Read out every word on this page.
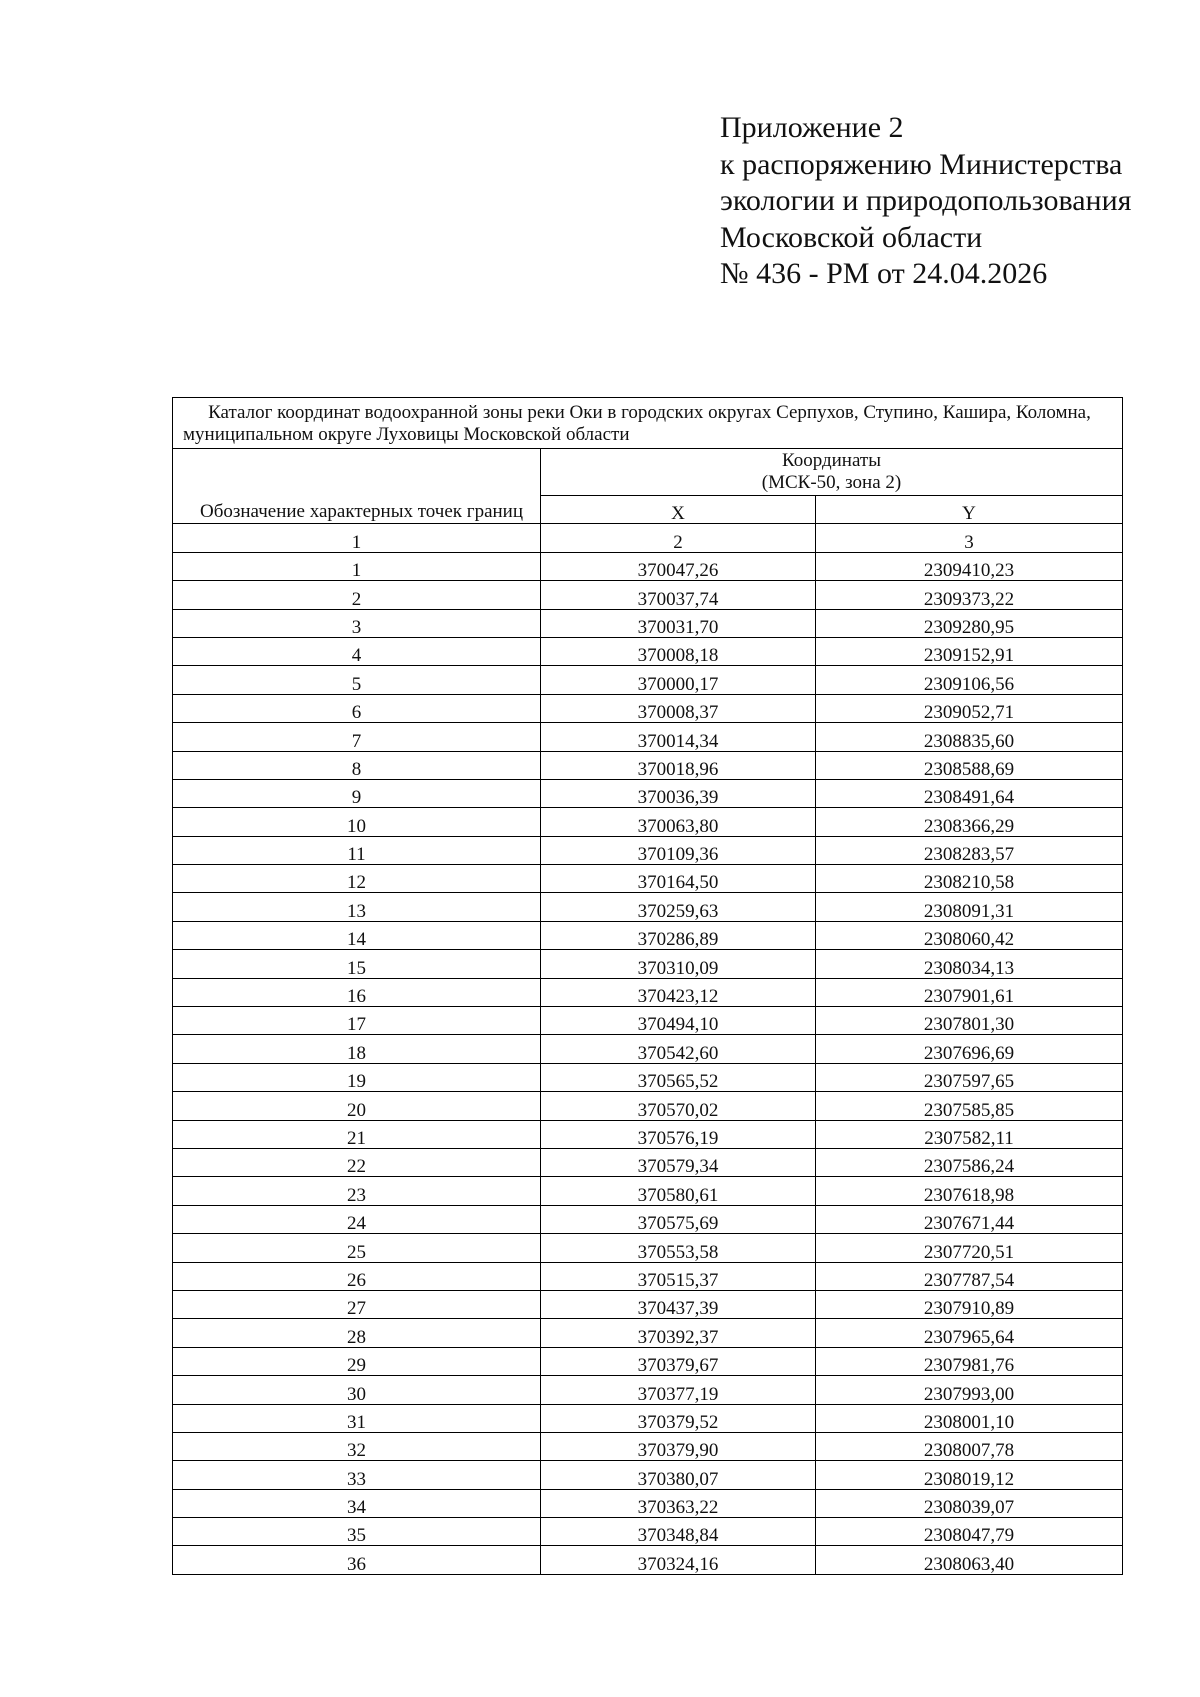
Приложение 2
к распоряжению Министерства
экологии и природопользования
Московской области
№ 436 - РМ от 24.04.2026
Каталог координат водоохранной зоны реки Оки в городских округах Серпухов, Ступино, Кашира, Коломна, муниципальном округе Луховицы Московской области		
Обозначение характерных точек границ	Координаты
(МСК-50, зона 2)	

	X	Y
1	2	3
1	370047,26	2309410,23
2	370037,74	2309373,22
3	370031,70	2309280,95
4	370008,18	2309152,91
5	370000,17	2309106,56
6	370008,37	2309052,71
7	370014,34	2308835,60
8	370018,96	2308588,69
9	370036,39	2308491,64
10	370063,80	2308366,29
11	370109,36	2308283,57
12	370164,50	2308210,58
13	370259,63	2308091,31
14	370286,89	2308060,42
15	370310,09	2308034,13
16	370423,12	2307901,61
17	370494,10	2307801,30
18	370542,60	2307696,69
19	370565,52	2307597,65
20	370570,02	2307585,85
21	370576,19	2307582,11
22	370579,34	2307586,24
23	370580,61	2307618,98
24	370575,69	2307671,44
25	370553,58	2307720,51
26	370515,37	2307787,54
27	370437,39	2307910,89
28	370392,37	2307965,64
29	370379,67	2307981,76
30	370377,19	2307993,00
31	370379,52	2308001,10
32	370379,90	2308007,78
33	370380,07	2308019,12
34	370363,22	2308039,07
35	370348,84	2308047,79
36	370324,16	2308063,40
